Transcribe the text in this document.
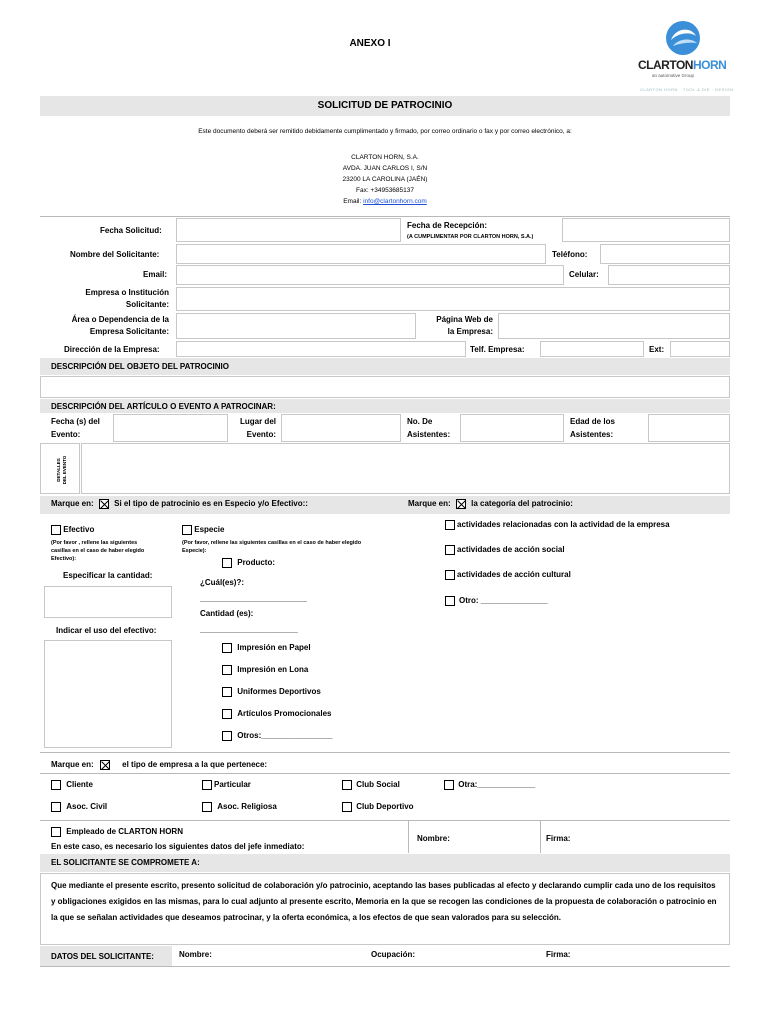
ANEXO I
CLARTONHORN
an automotive Group
CLARTON HORN · TOOL & DIE · DESIGN
SOLICITUD DE PATROCINIO
Este documento deberá ser remitido debidamente cumplimentado y firmado, por correo ordinario o fax y por correo electrónico, a:
CLARTON HORN, S.A.
AVDA. JUAN CARLOS I, S/N
23200 LA CAROLINA (JAÉN)
Fax: +34953685137
Email: info@clartonhorn.com
Fecha Solicitud:
Fecha de Recepción:
(A CUMPLIMENTAR POR CLARTON HORN, S.A.)
Nombre del Solicitante:	Teléfono:
Email:	Celular:
Empresa o Institución
Solicitante:
Área o Dependencia de la
Empresa Solicitante:
Página Web de
la Empresa:
Dirección de la Empresa:	Telf. Empresa:	Ext:
DESCRIPCIÓN DEL OBJETO DEL PATROCINIO
DESCRIPCIÓN DEL ARTÍCULO O EVENTO A PATROCINAR:
Fecha (s) del
Evento:
Lugar del
Evento:
No. De
Asistentes:
Edad de los
Asistentes:
DETALLES DEL EVENTO
Marque en:	Si el tipo de patrocinio es en Especio y/o Efectivo::	Marque en:	la categoría del patrocinio:
Efectivo
(Por favor , rellene las siguientes
casillas en el caso de haber elegido
Efectivo):
Especificar la cantidad:
Indicar el uso del efectivo:
Especie
(Por favor, rellene las siguientes casillas en el caso de haber elegido
Especie):
Producto:
¿Cuál(es)?:
________________________
Cantidad (es):
______________________
Impresión en Papel
Impresión en Lona
Uniformes Deportivos
Artículos Promocionales
Otros:________________
actividades relacionadas con la actividad de la empresa
actividades de acción social
actividades de acción cultural
Otro: _______________
Marque en:	el tipo de empresa a la que pertenece:
Cliente	Particular	Club Social	Otra:_____________
Asoc. Civil	Asoc. Religiosa	Club Deportivo
Empleado de CLARTON HORN
En este caso, es necesario los siguientes datos del jefe inmediato:
Nombre:	Firma:
EL SOLICITANTE SE COMPROMETE A:
Que mediante el presente escrito, presento solicitud de colaboración y/o patrocinio, aceptando las bases publicadas al efecto y declarando cumplir cada uno de los requisitos y obligaciones exigidos en las mismas, para lo cual adjunto al presente escrito, Memoria en la que se recogen las condiciones de la propuesta de colaboración o patrocinio en la que se señalan actividades que deseamos patrocinar, y la oferta económica, a los efectos de que sean valorados para su selección.
DATOS DEL SOLICITANTE:	Nombre:	Ocupación:	Firma:
